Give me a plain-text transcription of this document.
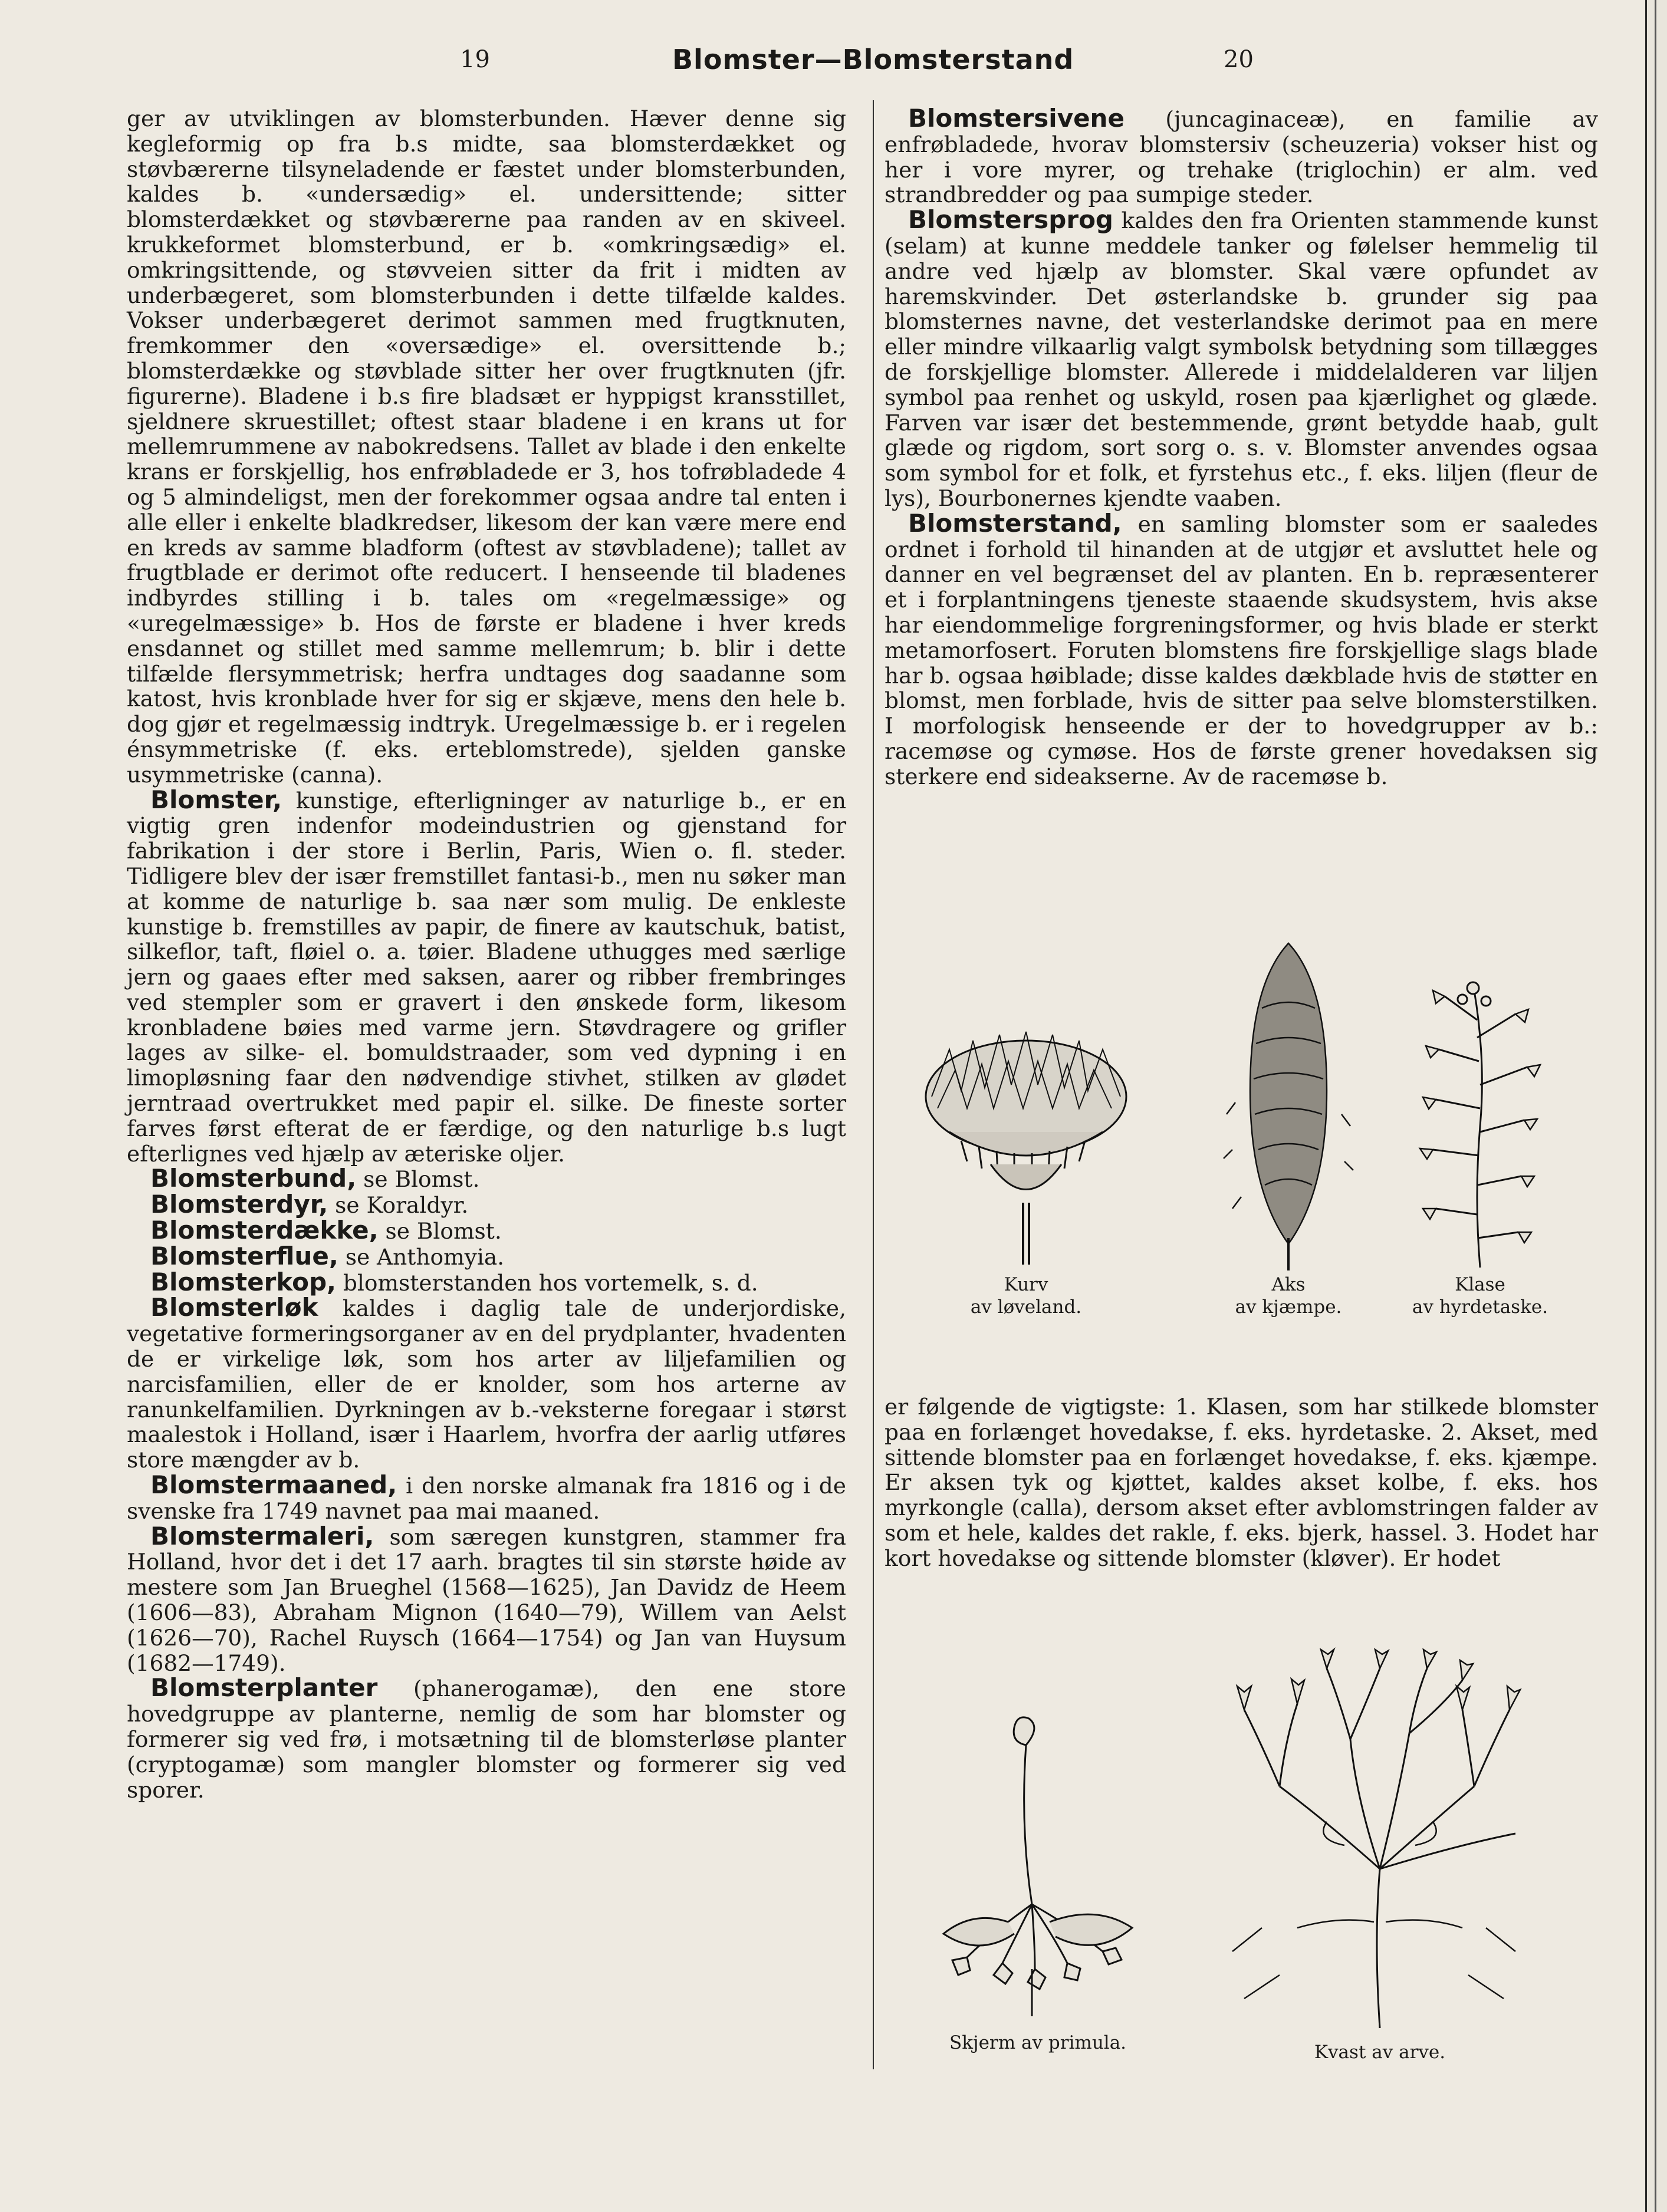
19	Blomster—Blomsterstand	20

ger av utviklingen av blomsterbunden. Hæver denne sig kegleformig op fra b.s midte, saa blomsterdækket og støvbærerne tilsyneladende er fæstet under blomsterbunden, kaldes b. «undersædig» el. undersittende; sitter blomsterdækket og støvbærerne paa randen av en skiveel. krukkeformet blomsterbund, er b. «omkringsædig» el. omkringsittende, og støvveien sitter da frit i midten av underbægeret, som blomsterbunden i dette tilfælde kaldes. Vokser underbægeret derimot sammen med frugtknuten, fremkommer den «oversædige» el. oversittende b.; blomsterdække og støvblade sitter her over frugtknuten (jfr. figurerne). Bladene i b.s fire bladsæt er hyppigst kransstillet, sjeldnere skruestillet; oftest staar bladene i en krans ut for mellemrummene av nabokredsens. Tallet av blade i den enkelte krans er forskjellig, hos enfrøbladede er 3, hos tofrøbladede 4 og 5 almindeligst, men der forekommer ogsaa andre tal enten i alle eller i enkelte bladkredser, likesom der kan være mere end en kreds av samme bladform (oftest av støvbladene); tallet av frugtblade er derimot ofte reducert. I henseende til bladenes indbyrdes stilling i b. tales om «regelmæssige» og «uregelmæssige» b. Hos de første er bladene i hver kreds ensdannet og stillet med samme mellemrum; b. blir i dette tilfælde flersymmetrisk; herfra undtages dog saadanne som katost, hvis kronblade hver for sig er skjæve, mens den hele b. dog gjør et regelmæssig indtryk. Uregelmæssige b. er i regelen énsymmetriske (f. eks. erteblomstrede), sjelden ganske usymmetriske (canna).

Blomster, kunstige, efterligninger av naturlige b., er en vigtig gren indenfor modeindustrien og gjenstand for fabrikation i der store i Berlin, Paris, Wien o. fl. steder. Tidligere blev der især fremstillet fantasi-b., men nu søker man at komme de naturlige b. saa nær som mulig. De enkleste kunstige b. fremstilles av papir, de finere av kautschuk, batist, silkeflor, taft, fløiel o. a. tøier. Bladene uthugges med særlige jern og gaaes efter med saksen, aarer og ribber frembringes ved stempler som er gravert i den ønskede form, likesom kronbladene bøies med varme jern. Støvdragere og grifler lages av silke- el. bomuldstraader, som ved dypning i en limopløsning faar den nødvendige stivhet, stilken av glødet jerntraad overtrukket med papir el. silke. De fineste sorter farves først efterat de er færdige, og den naturlige b.s lugt efterlignes ved hjælp av æteriske oljer.

Blomsterbund, se Blomst.

Blomsterdyr, se Koraldyr.

Blomsterdække, se Blomst.

Blomsterflue, se Anthomyia.

Blomsterkop, blomsterstanden hos vortemelk, s. d.

Blomsterløk kaldes i daglig tale de underjordiske, vegetative formeringsorganer av en del prydplanter, hvadenten de er virkelige løk, som hos arter av liljefamilien og narcisfamilien, eller de er knolder, som hos arterne av ranunkelfamilien. Dyrkningen av b.-veksterne foregaar i størst maalestok i Holland, især i Haarlem, hvorfra der aarlig utføres store mængder av b.

Blomstermaaned, i den norske almanak fra 1816 og i de svenske fra 1749 navnet paa mai maaned.

Blomstermaleri, som særegen kunstgren, stammer fra Holland, hvor det i det 17 aarh. bragtes til sin største høide av mestere som Jan Brueghel (1568—1625), Jan Davidz de Heem (1606—83), Abraham Mignon (1640—79), Willem van Aelst (1626—70), Rachel Ruysch (1664—1754) og Jan van Huysum (1682—1749).

Blomsterplanter (phanerogamæ), den ene store hovedgruppe av planterne, nemlig de som har blomster og formerer sig ved frø, i motsætning til de blomsterløse planter (cryptogamæ) som mangler blomster og formerer sig ved sporer.

Blomstersivene (juncaginaceæ), en familie av enfrøbladede, hvorav blomstersiv (scheuzeria) vokser hist og her i vore myrer, og trehake (triglochin) er alm. ved strandbredder og paa sumpige steder.

Blomstersprog kaldes den fra Orienten stammende kunst (selam) at kunne meddele tanker og følelser hemmelig til andre ved hjælp av blomster. Skal være opfundet av haremskvinder. Det østerlandske b. grunder sig paa blomsternes navne, det vesterlandske derimot paa en mere eller mindre vilkaarlig valgt symbolsk betydning som tillægges de forskjellige blomster. Allerede i middelalderen var liljen symbol paa renhet og uskyld, rosen paa kjærlighet og glæde. Farven var især det bestemmende, grønt betydde haab, gult glæde og rigdom, sort sorg o. s. v. Blomster anvendes ogsaa som symbol for et folk, et fyrstehus etc., f. eks. liljen (fleur de lys), Bourbonernes kjendte vaaben.

Blomsterstand, en samling blomster som er saaledes ordnet i forhold til hinanden at de utgjør et avsluttet hele og danner en vel begrænset del av planten. En b. repræsenterer et i forplantningens tjeneste staaende skudsystem, hvis akse har eiendommelige forgreningsformer, og hvis blade er sterkt metamorfosert. Foruten blomstens fire forskjellige slags blade har b. ogsaa høiblade; disse kaldes dækblade hvis de støtter en blomst, men forblade, hvis de sitter paa selve blomsterstilken. I morfologisk henseende er der to hovedgrupper av b.: racemøse og cymøse. Hos de første grener hovedaksen sig sterkere end sideakserne. Av de racemøse b.

Kurv
av løveland.
Aks
av kjæmpe.
Klase
av hyrdetaske.

er følgende de vigtigste: 1. Klasen, som har stilkede blomster paa en forlænget hovedakse, f. eks. hyrdetaske. 2. Akset, med sittende blomster paa en forlænget hovedakse, f. eks. kjæmpe. Er aksen tyk og kjøttet, kaldes akset kolbe, f. eks. hos myrkongle (calla), dersom akset efter avblomstringen falder av som et hele, kaldes det rakle, f. eks. bjerk, hassel. 3. Hodet har kort hovedakse og sittende blomster (kløver). Er hodet

Skjerm av primula.	Kvast av arve.
